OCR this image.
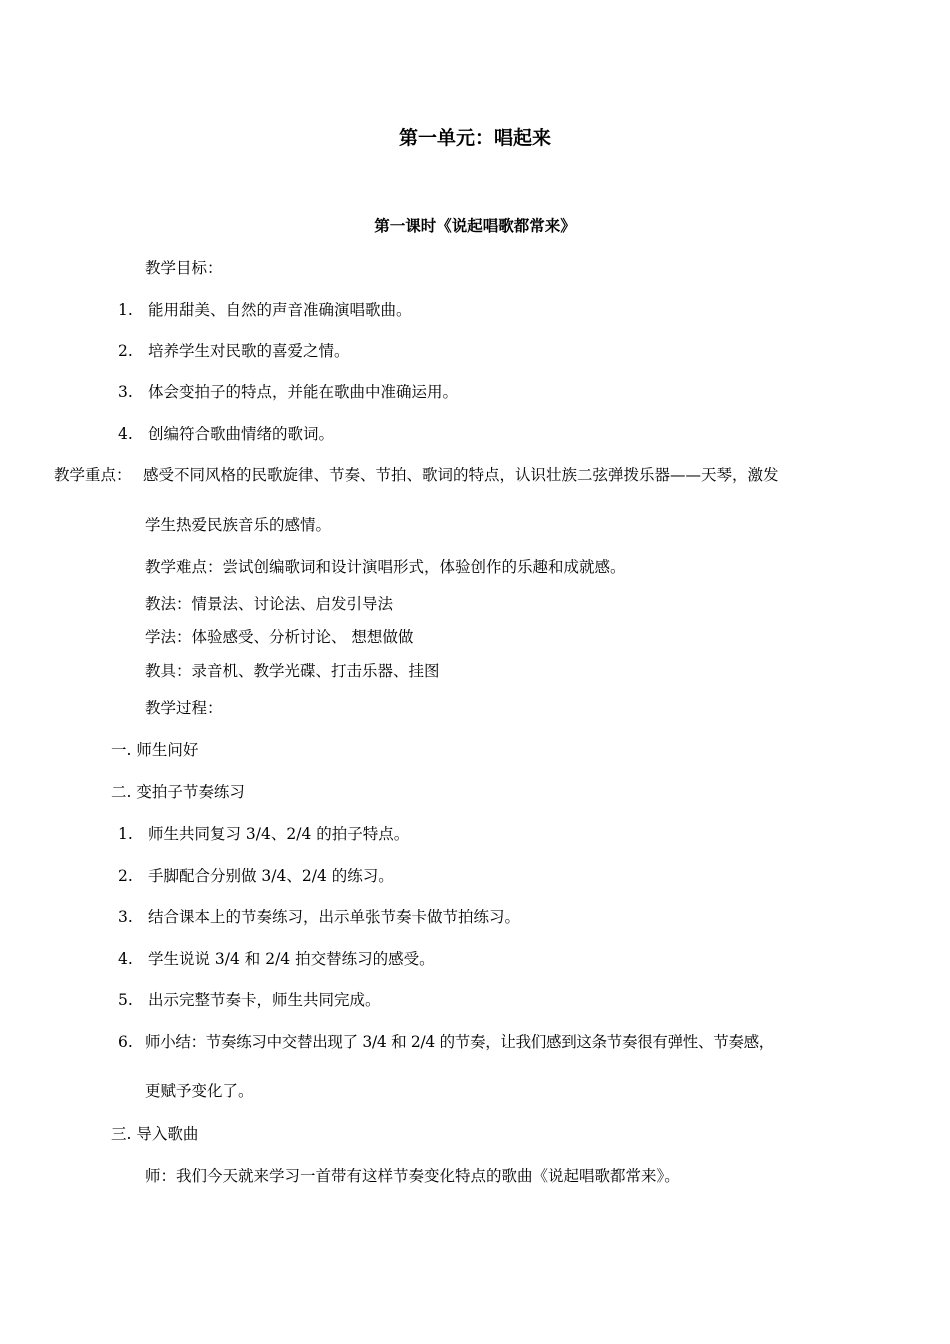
第一单元：唱起来
第一课时《说起唱歌都常来》
教学目标：
1. 能用甜美、自然的声音准确演唱歌曲。
2. 培养学生对民歌的喜爱之情。
3. 体会变拍子的特点，并能在歌曲中准确运用。
4. 创编符合歌曲情绪的歌词。
教学重点： 感受不同风格的民歌旋律、节奏、节拍、歌词的特点，认识壮族二弦弹拨乐器——天琴，激发
学生热爱民族音乐的感情。
教学难点：尝试创编歌词和设计演唱形式，体验创作的乐趣和成就感。
教法：情景法、讨论法、启发引导法
学法：体验感受、分析讨论、 想想做做
教具：录音机、教学光碟、打击乐器、挂图
教学过程：
一. 师生问好
二. 变拍子节奏练习
1. 师生共同复习 3/4、2/4 的拍子特点。
2. 手脚配合分别做 3/4、2/4 的练习。
3. 结合课本上的节奏练习，出示单张节奏卡做节拍练习。
4. 学生说说 3/4 和 2/4 拍交替练习的感受。
5. 出示完整节奏卡，师生共同完成。
6. 师小结：节奏练习中交替出现了 3/4 和 2/4 的节奏，让我们感到这条节奏很有弹性、节奏感，
更赋予变化了。
三. 导入歌曲
师：我们今天就来学习一首带有这样节奏变化特点的歌曲《说起唱歌都常来》。
